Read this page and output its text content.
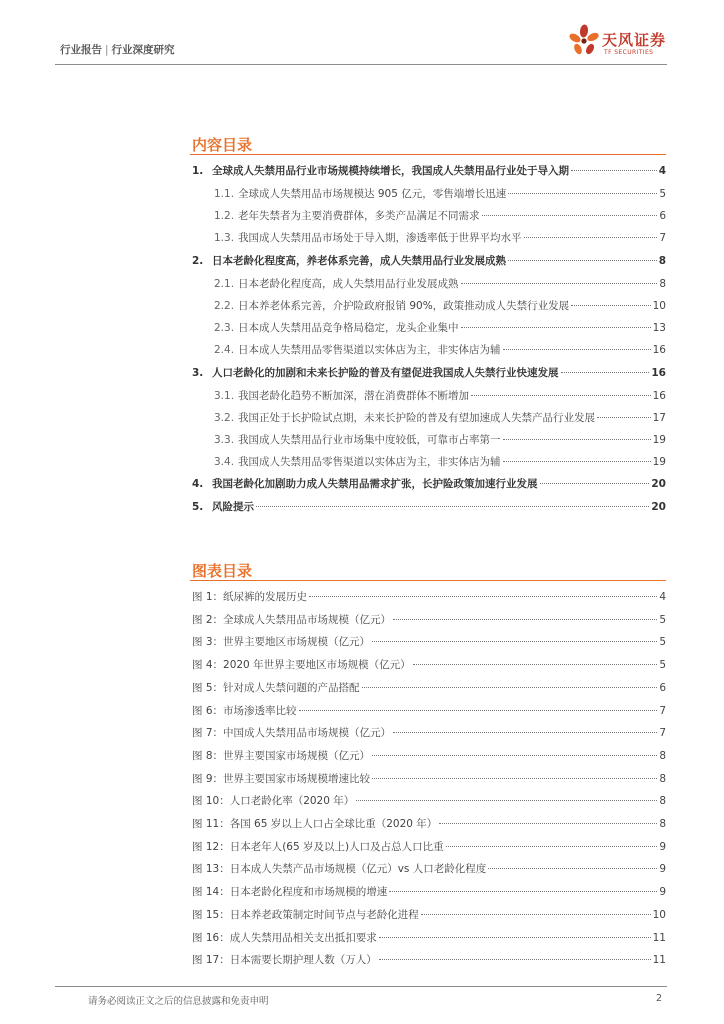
行业报告 | 行业深度研究
天风证券
TF SECURITIES
内容目录
1. 全球成人失禁用品行业市场规模持续增长，我国成人失禁用品行业处于导入期	4
1.1. 全球成人失禁用品市场规模达 905 亿元，零售端增长迅速	5
1.2. 老年失禁者为主要消费群体，多类产品满足不同需求	6
1.3. 我国成人失禁用品市场处于导入期，渗透率低于世界平均水平	7
2. 日本老龄化程度高，养老体系完善，成人失禁用品行业发展成熟	8
2.1. 日本老龄化程度高，成人失禁用品行业发展成熟	8
2.2. 日本养老体系完善，介护险政府报销 90%，政策推动成人失禁行业发展	10
2.3. 日本成人失禁用品竞争格局稳定，龙头企业集中	13
2.4. 日本成人失禁用品零售渠道以实体店为主，非实体店为辅	16
3. 人口老龄化的加剧和未来长护险的普及有望促进我国成人失禁行业快速发展	16
3.1. 我国老龄化趋势不断加深，潜在消费群体不断增加	16
3.2. 我国正处于长护险试点期，未来长护险的普及有望加速成人失禁产品行业发展	17
3.3. 我国成人失禁用品行业市场集中度较低，可靠市占率第一	19
3.4. 我国成人失禁用品零售渠道以实体店为主，非实体店为辅	19
4. 我国老龄化加剧助力成人失禁用品需求扩张，长护险政策加速行业发展	20
5. 风险提示	20
图表目录
图 1：纸尿裤的发展历史	4
图 2：全球成人失禁用品市场规模（亿元）	5
图 3：世界主要地区市场规模（亿元）	5
图 4：2020 年世界主要地区市场规模（亿元）	5
图 5：针对成人失禁问题的产品搭配	6
图 6：市场渗透率比较	7
图 7：中国成人失禁用品市场规模（亿元）	7
图 8：世界主要国家市场规模（亿元）	8
图 9：世界主要国家市场规模增速比较	8
图 10：人口老龄化率（2020 年）	8
图 11：各国 65 岁以上人口占全球比重（2020 年）	8
图 12：日本老年人(65 岁及以上)人口及占总人口比重	9
图 13：日本成人失禁产品市场规模（亿元）vs 人口老龄化程度	9
图 14：日本老龄化程度和市场规模的增速	9
图 15：日本养老政策制定时间节点与老龄化进程	10
图 16：成人失禁用品相关支出抵扣要求	11
图 17：日本需要长期护理人数（万人）	11
请务必阅读正文之后的信息披露和免责申明	2
